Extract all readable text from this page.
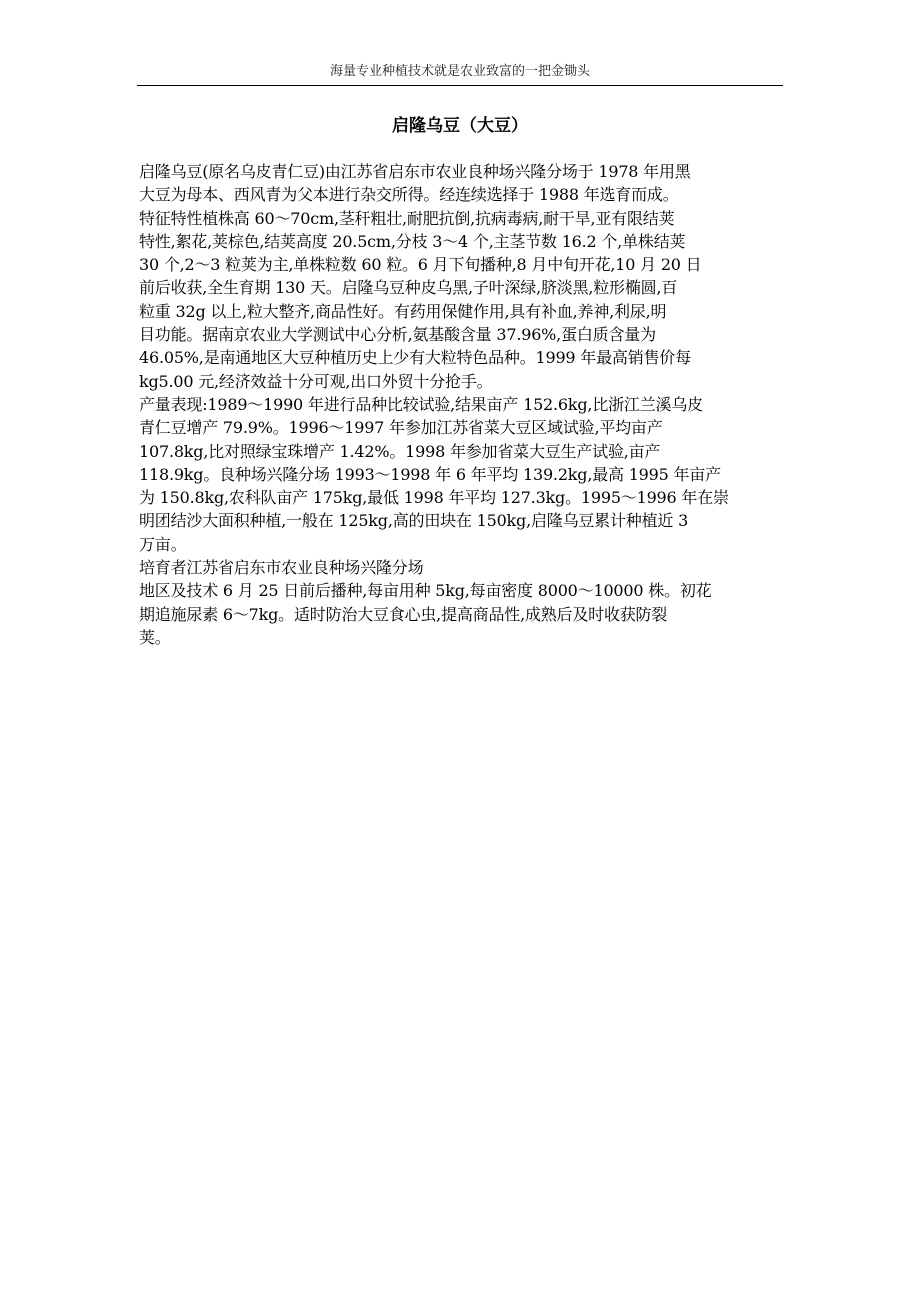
海量专业种植技术就是农业致富的一把金锄头
启隆乌豆（大豆）
启隆乌豆(原名乌皮青仁豆)由江苏省启东市农业良种场兴隆分场于 1978 年用黑
大豆为母本、西风青为父本进行杂交所得。经连续选择于 1988 年选育而成。
特征特性植株高 60～70cm,茎秆粗壮,耐肥抗倒,抗病毒病,耐干旱,亚有限结荚
特性,絮花,荚棕色,结荚高度 20.5cm,分枝 3～4 个,主茎节数 16.2 个,单株结荚
30 个,2～3 粒荚为主,单株粒数 60 粒。6 月下旬播种,8 月中旬开花,10 月 20 日
前后收获,全生育期 130 天。启隆乌豆种皮乌黑,子叶深绿,脐淡黑,粒形椭圆,百
粒重 32g 以上,粒大整齐,商品性好。有药用保健作用,具有补血,养神,利尿,明
目功能。据南京农业大学测试中心分析,氨基酸含量 37.96%,蛋白质含量为
46.05%,是南通地区大豆种植历史上少有大粒特色品种。1999 年最高销售价每
kg5.00 元,经济效益十分可观,出口外贸十分抢手。
产量表现:1989～1990 年进行品种比较试验,结果亩产 152.6kg,比浙江兰溪乌皮
青仁豆增产 79.9%。1996～1997 年参加江苏省菜大豆区域试验,平均亩产
107.8kg,比对照绿宝珠增产 1.42%。1998 年参加省菜大豆生产试验,亩产
118.9kg。良种场兴隆分场 1993～1998 年 6 年平均 139.2kg,最高 1995 年亩产
为 150.8kg,农科队亩产 175kg,最低 1998 年平均 127.3kg。1995～1996 年在崇
明团结沙大面积种植,一般在 125kg,高的田块在 150kg,启隆乌豆累计种植近 3
万亩。
培育者江苏省启东市农业良种场兴隆分场
地区及技术 6 月 25 日前后播种,每亩用种 5kg,每亩密度 8000～10000 株。初花
期追施尿素 6～7kg。适时防治大豆食心虫,提高商品性,成熟后及时收获防裂
荚。
